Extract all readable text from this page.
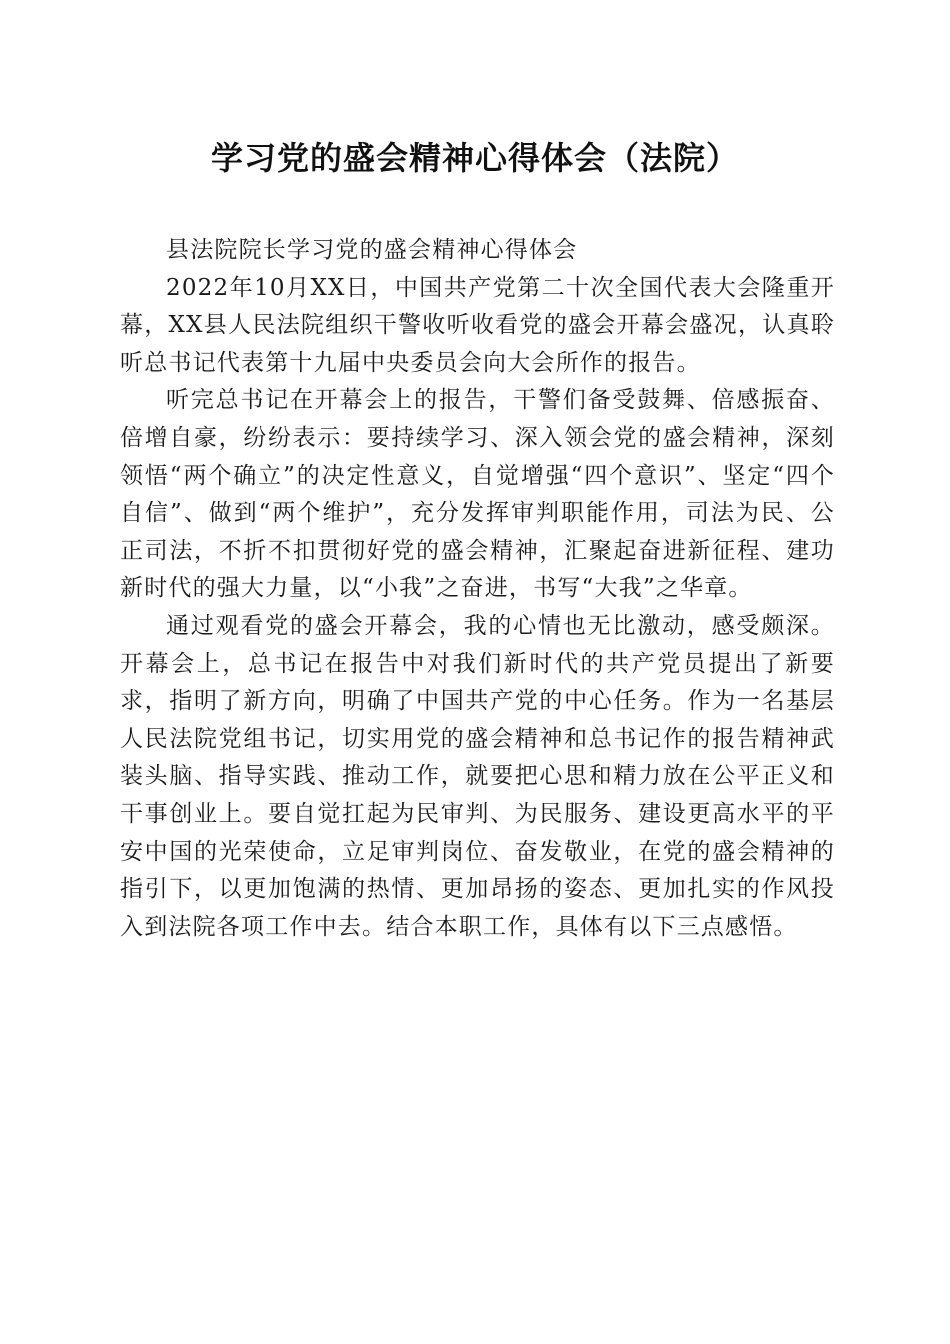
学习党的盛会精神心得体会（法院）

县法院院长学习党的盛会精神心得体会

2022年10月XX日，中国共产党第二十次全国代表大会隆重开幕，XX县人民法院组织干警收听收看党的盛会开幕会盛况，认真聆听总书记代表第十九届中央委员会向大会所作的报告。

听完总书记在开幕会上的报告，干警们备受鼓舞、倍感振奋、倍增自豪，纷纷表示：要持续学习、深入领会党的盛会精神，深刻领悟“两个确立”的决定性意义，自觉增强“四个意识”、坚定“四个自信”、做到“两个维护”，充分发挥审判职能作用，司法为民、公正司法，不折不扣贯彻好党的盛会精神，汇聚起奋进新征程、建功新时代的强大力量，以“小我”之奋进，书写“大我”之华章。

通过观看党的盛会开幕会，我的心情也无比激动，感受颇深。开幕会上，总书记在报告中对我们新时代的共产党员提出了新要求，指明了新方向，明确了中国共产党的中心任务。作为一名基层人民法院党组书记，切实用党的盛会精神和总书记作的报告精神武装头脑、指导实践、推动工作，就要把心思和精力放在公平正义和干事创业上。要自觉扛起为民审判、为民服务、建设更高水平的平安中国的光荣使命，立足审判岗位、奋发敬业，在党的盛会精神的指引下，以更加饱满的热情、更加昂扬的姿态、更加扎实的作风投入到法院各项工作中去。结合本职工作，具体有以下三点感悟。
